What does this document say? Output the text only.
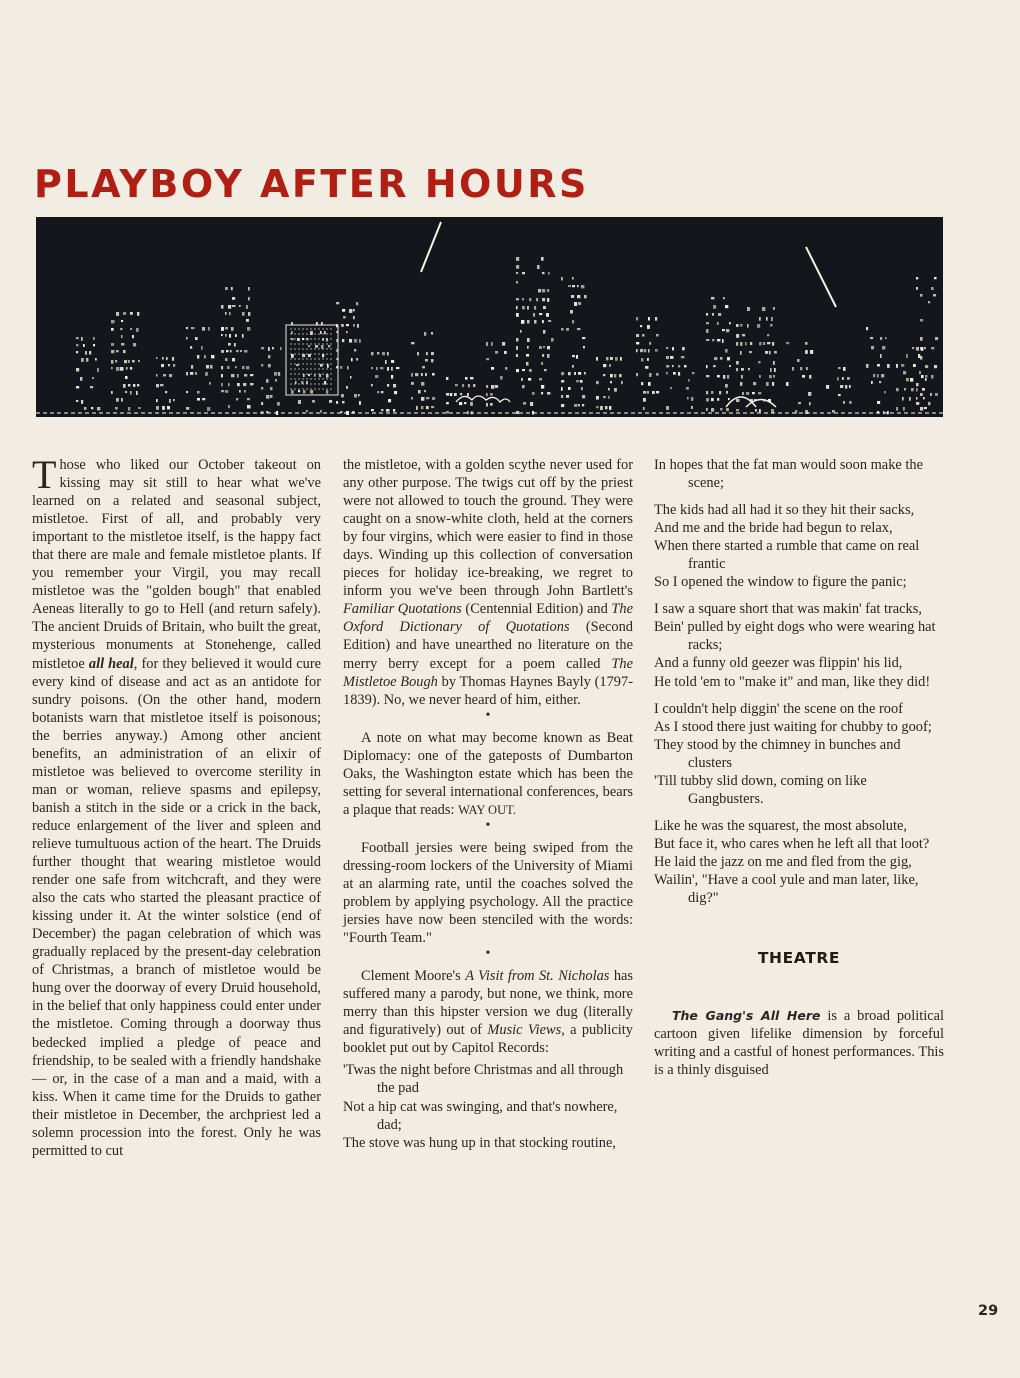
PLAYBOY AFTER HOURS

Those who liked our October takeout on kissing may sit still to hear what we've learned on a related and seasonal subject, mistletoe. First of all, and probably very important to the mistletoe itself, is the happy fact that there are male and female mistletoe plants. If you remember your Virgil, you may recall mistletoe was the "golden bough" that enabled Aeneas literally to go to Hell (and return safely). The ancient Druids of Britain, who built the great, mysterious monuments at Stonehenge, called mistletoe all heal, for they believed it would cure every kind of disease and act as an antidote for sundry poisons. (On the other hand, modern botanists warn that mistletoe itself is poisonous; the berries anyway.) Among other ancient benefits, an administration of an elixir of mistletoe was believed to overcome sterility in man or woman, relieve spasms and epilepsy, banish a stitch in the side or a crick in the back, reduce enlargement of the liver and spleen and relieve tumultuous action of the heart. The Druids further thought that wearing mistletoe would render one safe from witchcraft, and they were also the cats who started the pleasant practice of kissing under it. At the winter solstice (end of December) the pagan celebration of which was gradually replaced by the present-day celebration of Christmas, a branch of mistletoe would be hung over the doorway of every Druid household, in the belief that only happiness could enter under the mistletoe. Coming through a doorway thus bedecked implied a pledge of peace and friendship, to be sealed with a friendly handshake — or, in the case of a man and a maid, with a kiss. When it came time for the Druids to gather their mistletoe in December, the archpriest led a solemn procession into the forest. Only he was permitted to cut

the mistletoe, with a golden scythe never used for any other purpose. The twigs cut off by the priest were not allowed to touch the ground. They were caught on a snow-white cloth, held at the corners by four virgins, which were easier to find in those days. Winding up this collection of conversation pieces for holiday ice-breaking, we regret to inform you we've been through John Bartlett's Familiar Quotations (Centennial Edition) and The Oxford Dictionary of Quotations (Second Edition) and have unearthed no literature on the merry berry except for a poem called The Mistletoe Bough by Thomas Haynes Bayly (1797-1839). No, we never heard of him, either.

•

A note on what may become known as Beat Diplomacy: one of the gateposts of Dumbarton Oaks, the Washington estate which has been the setting for several international conferences, bears a plaque that reads: WAY OUT.

•

Football jersies were being swiped from the dressing-room lockers of the University of Miami at an alarming rate, until the coaches solved the problem by applying psychology. All the practice jersies have now been stenciled with the words: "Fourth Team."

•

Clement Moore's A Visit from St. Nicholas has suffered many a parody, but none, we think, more merry than this hipster version we dug (literally and figuratively) out of Music Views, a publicity booklet put out by Capitol Records:

'Twas the night before Christmas and all through the pad

Not a hip cat was swinging, and that's nowhere, dad;

The stove was hung up in that stocking routine,

In hopes that the fat man would soon make the scene;

The kids had all had it so they hit their sacks,

And me and the bride had begun to relax,

When there started a rumble that came on real frantic

So I opened the window to figure the panic;

I saw a square short that was makin' fat tracks,

Bein' pulled by eight dogs who were wearing hat racks;

And a funny old geezer was flippin' his lid,

He told 'em to "make it" and man, like they did!

I couldn't help diggin' the scene on the roof

As I stood there just waiting for chubby to goof;

They stood by the chimney in bunches and clusters

'Till tubby slid down, coming on like Gangbusters.

Like he was the squarest, the most absolute,

But face it, who cares when he left all that loot?

He laid the jazz on me and fled from the gig,

Wailin', "Have a cool yule and man later, like, dig?"

THEATRE

The Gang's All Here is a broad political cartoon given lifelike dimension by forceful writing and a castful of honest performances. This is a thinly disguised

29
